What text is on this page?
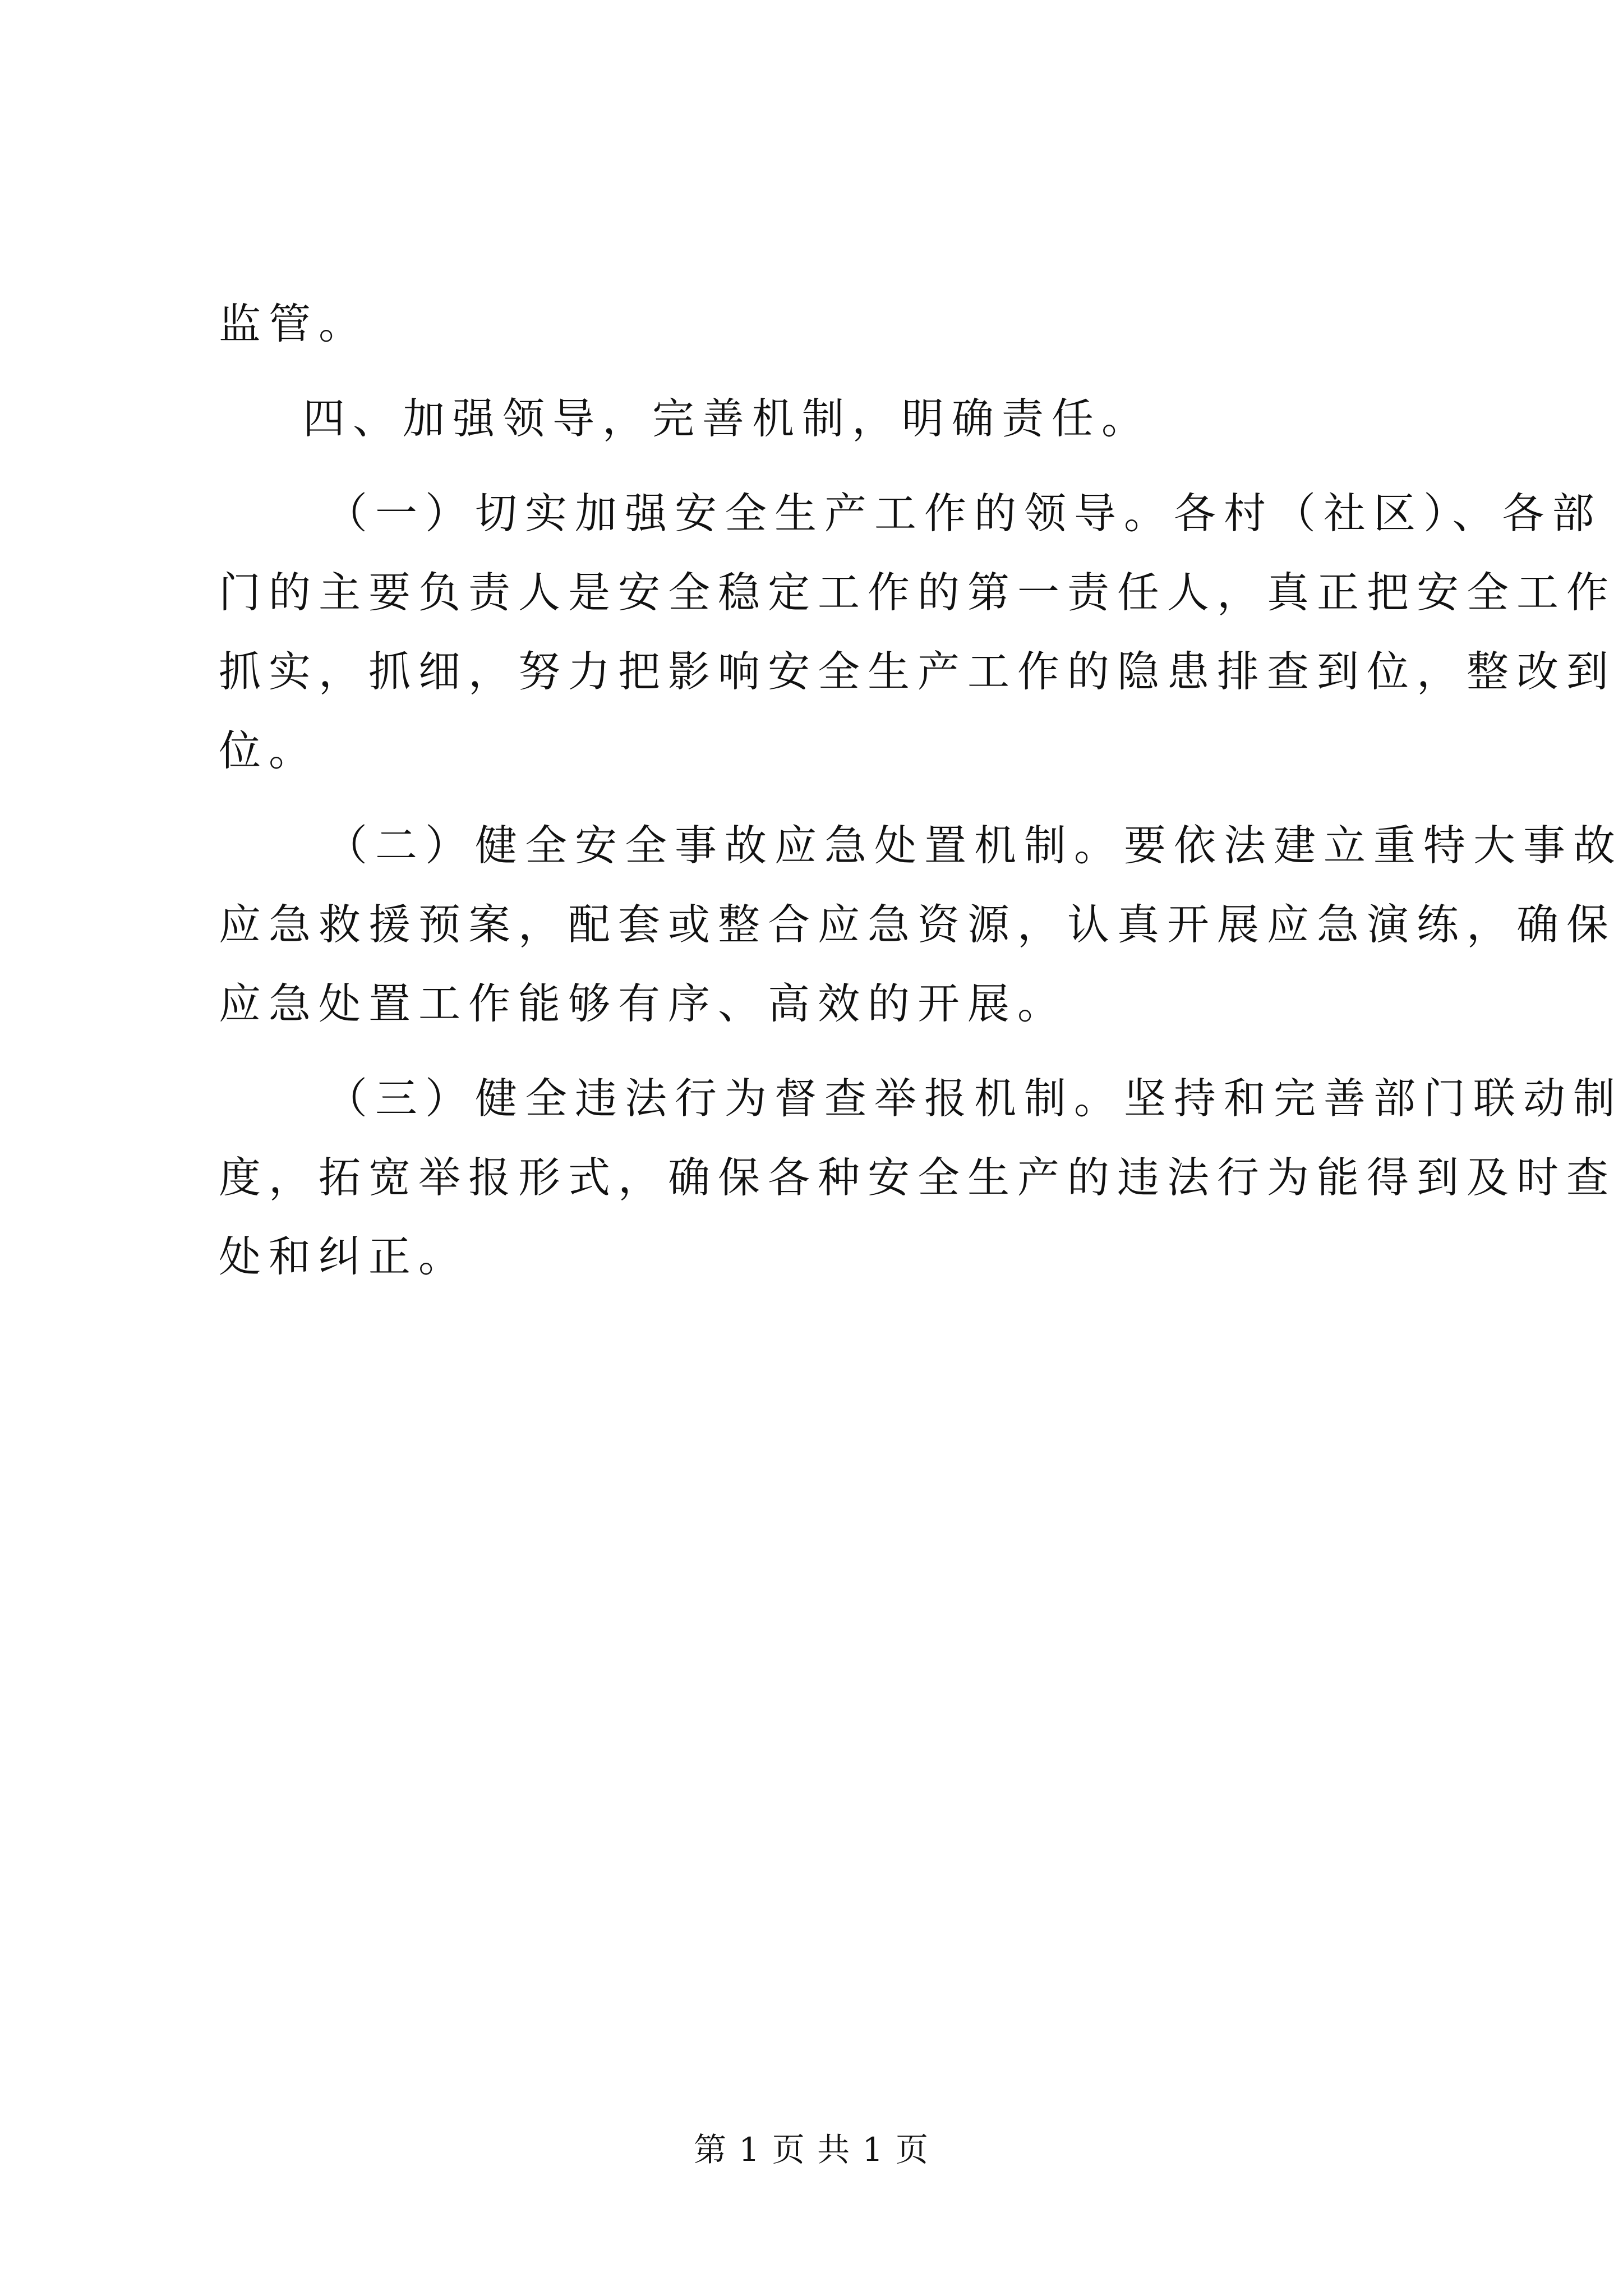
监管。
四、加强领导，完善机制，明确责任。
（一）切实加强安全生产工作的领导。各村（社区）、各部
门的主要负责人是安全稳定工作的第一责任人，真正把安全工作
抓实，抓细，努力把影响安全生产工作的隐患排查到位，整改到
位。
（二）健全安全事故应急处置机制。要依法建立重特大事故
应急救援预案，配套或整合应急资源，认真开展应急演练，确保
应急处置工作能够有序、高效的开展。
（三）健全违法行为督查举报机制。坚持和完善部门联动制
度，拓宽举报形式，确保各种安全生产的违法行为能得到及时查
处和纠正。
第 1 页 共 1 页
